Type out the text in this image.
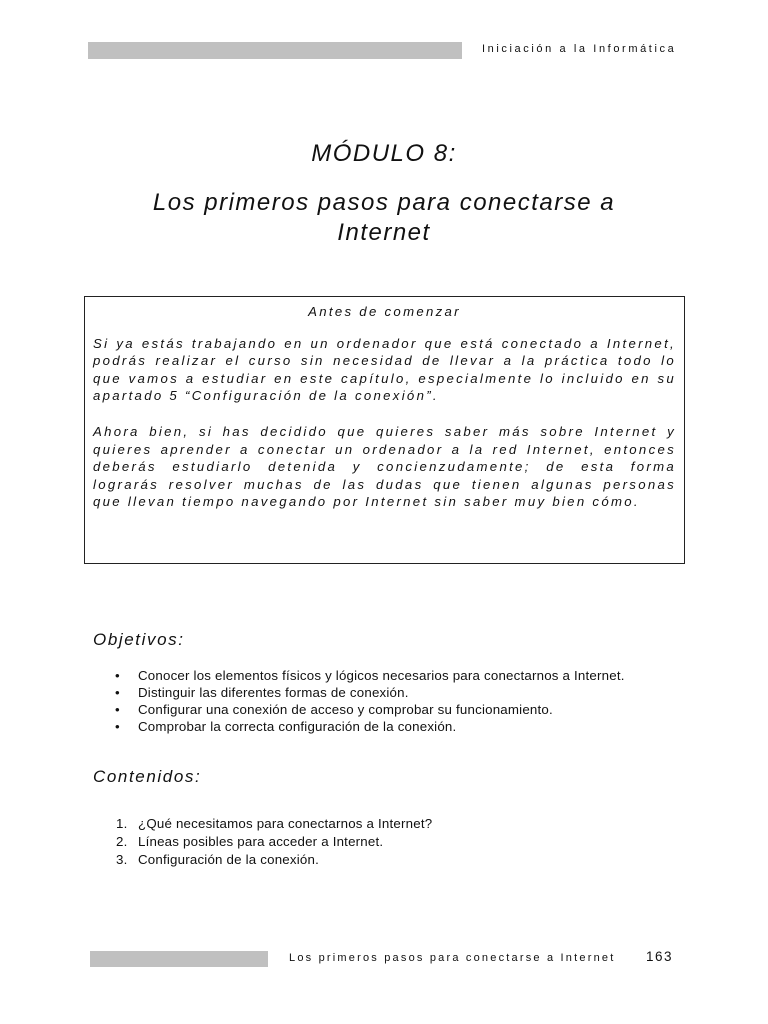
Iniciación a la Informática
MÓDULO 8:
Los primeros pasos para conectarse a
Internet

Antes de comenzar

Si ya estás trabajando en un ordenador que está conectado a Internet, podrás realizar el curso sin necesidad de llevar a la práctica todo lo que vamos a estudiar en este capítulo, especialmente lo incluido en su apartado 5 “Configuración de la conexión”.

Ahora bien, si has decidido que quieres saber más sobre Internet y quieres aprender a conectar un ordenador a la red Internet, entonces deberás estudiarlo detenida y concienzudamente; de esta forma lograrás resolver muchas de las dudas que tienen algunas personas que llevan tiempo navegando por Internet sin saber muy bien cómo.

Objetivos:
• Conocer los elementos físicos y lógicos necesarios para conectarnos a Internet.
• Distinguir las diferentes formas de conexión.
• Configurar una conexión de acceso y comprobar su funcionamiento.
• Comprobar la correcta configuración de la conexión.
Contenidos:
1. ¿Qué necesitamos para conectarnos a Internet?
2. Líneas posibles para acceder a Internet.
3. Configuración de la conexión.
Los primeros pasos para conectarse a Internet 163
